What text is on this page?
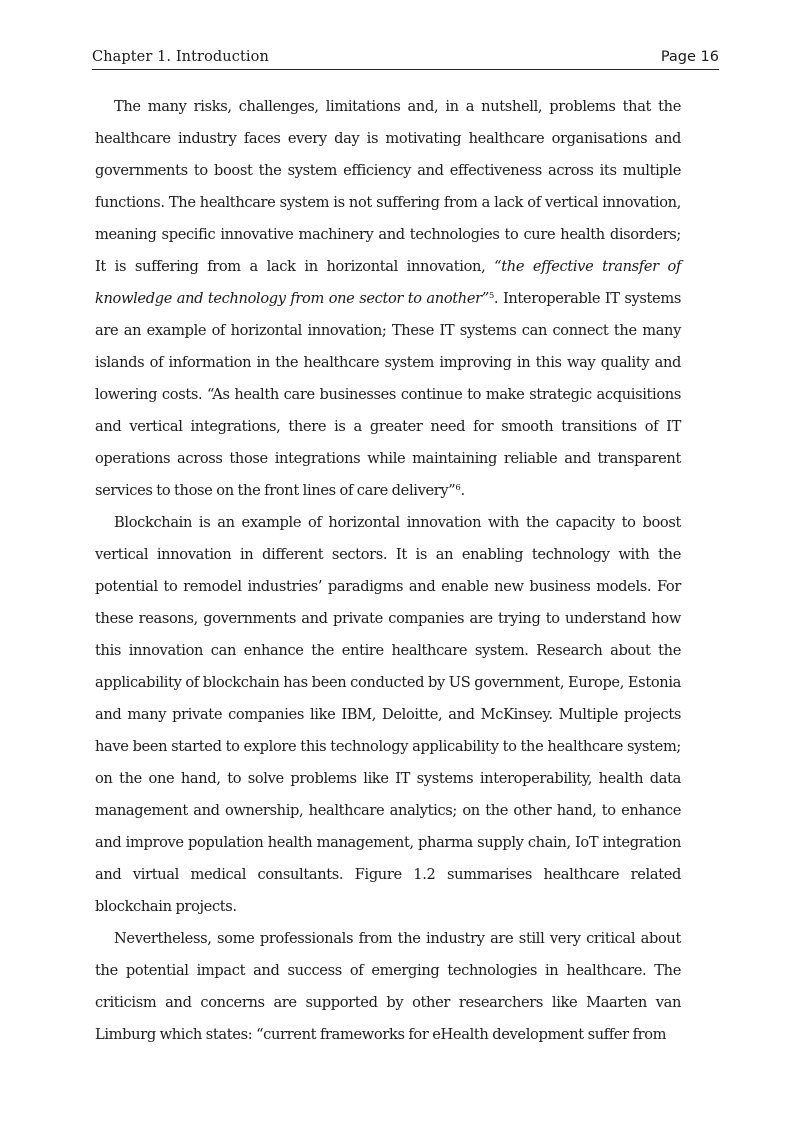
Chapter 1. Introduction	Page 16

The many risks, challenges, limitations and, in a nutshell, problems that the healthcare industry faces every day is motivating healthcare organisations and governments to boost the system efficiency and effectiveness across its multiple functions. The healthcare system is not suffering from a lack of vertical innovation, meaning specific innovative machinery and technologies to cure health disorders; It is suffering from a lack in horizontal innovation, “the effective transfer of knowledge and technology from one sector to another”$^5$. Interoperable IT systems are an example of horizontal innovation; These IT systems can connect the many islands of information in the healthcare system improving in this way quality and lowering costs. “As health care businesses continue to make strategic acquisitions and vertical integrations, there is a greater need for smooth transitions of IT operations across those integrations while maintaining reliable and transparent services to those on the front lines of care delivery”$^6$.

Blockchain is an example of horizontal innovation with the capacity to boost vertical innovation in different sectors. It is an enabling technology with the potential to remodel industries’ paradigms and enable new business models. For these reasons, governments and private companies are trying to understand how this innovation can enhance the entire healthcare system. Research about the applicability of blockchain has been conducted by US government, Europe, Estonia and many private companies like IBM, Deloitte, and McKinsey. Multiple projects have been started to explore this technology applicability to the healthcare system; on the one hand, to solve problems like IT systems interoperability, health data management and ownership, healthcare analytics; on the other hand, to enhance and improve population health management, pharma supply chain, IoT integration and virtual medical consultants. Figure 1.2 summarises healthcare related blockchain projects.

Nevertheless, some professionals from the industry are still very critical about the potential impact and success of emerging technologies in healthcare. The criticism and concerns are supported by other researchers like Maarten van Limburg which states: “current frameworks for eHealth development suffer from
